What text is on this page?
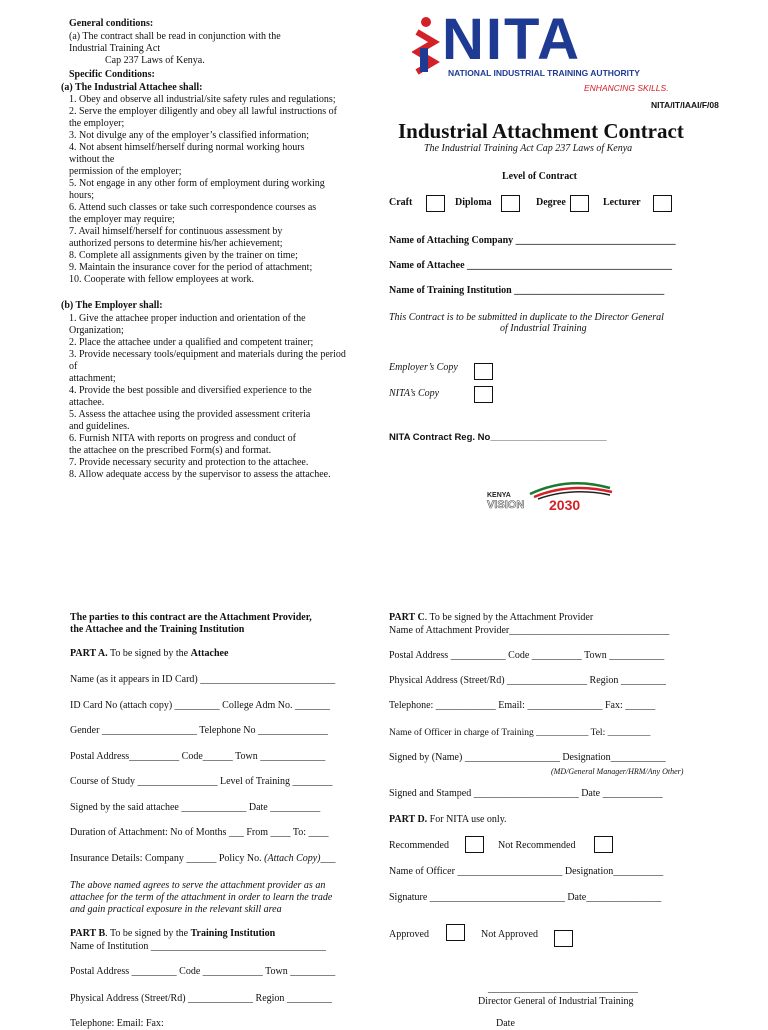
General conditions:
(a) The contract shall be read in conjunction with the
Industrial Training Act
Cap 237 Laws of Kenya.
Specific Conditions:
(a) The Industrial Attachee shall:
1. Obey and observe all industrial/site safety rules and regulations;
2. Serve the employer diligently and obey all lawful instructions of
the employer;
3. Not divulge any of the employer’s classified information;
4. Not absent himself/herself during normal working hours
without the
permission of the employer;
5. Not engage in any other form of employment during working
hours;
6. Attend such classes or take such correspondence courses as
the employer may require;
7. Avail himself/herself for continuous assessment by
authorized persons to determine his/her achievement;
8. Complete all assignments given by the trainer on time;
9. Maintain the insurance cover for the period of attachment;
10. Cooperate with fellow employees at work.
(b) The Employer shall:
1. Give the attachee proper induction and orientation of the
Organization;
2. Place the attachee under a qualified and competent trainer;
3. Provide necessary tools/equipment and materials during the period
of
attachment;
4. Provide the best possible and diversified experience to the
attachee.
5. Assess the attachee using the provided assessment criteria
and guidelines.
6. Furnish NITA with reports on progress and conduct of
the attachee on the prescribed Form(s) and format.
7. Provide necessary security and protection to the attachee.
8. Allow adequate access by the supervisor to assess the attachee.
NITA
NATIONAL INDUSTRIAL TRAINING AUTHORITY
ENHANCING SKILLS.
NITA/IT/IAAI/F/08
Industrial Attachment Contract
The Industrial Training Act Cap 237 Laws of Kenya
Level of Contract
Craft	Diploma	Degree	Lecturer
Name of Attaching Company ________________________________
Name of Attachee _________________________________________
Name of Training Institution ______________________________
This Contract is to be submitted in duplicate to the Director General
of Industrial Training
Employer’s Copy
NITA’s Copy
NITA Contract Reg. No______________________
KENYA
VISION 2030
The parties to this contract are the Attachment Provider,
the Attachee and the Training Institution
PART A. To be signed by the Attachee
Name (as it appears in ID Card) ___________________________
ID Card No (attach copy) _________ College Adm No. _______
Gender ___________________ Telephone No ______________
Postal Address__________ Code______ Town _____________
Course of Study ________________ Level of Training ________
Signed by the said attachee _____________ Date __________
Duration of Attachment: No of Months ___ From ____ To: ____
Insurance Details: Company ______ Policy No. (Attach Copy)___
The above named agrees to serve the attachment provider as an
attachee for the term of the attachment in order to learn the trade
and gain practical exposure in the relevant skill area
PART B. To be signed by the Training Institution
Name of Institution ___________________________________
Postal Address _________ Code ____________ Town _________
Physical Address (Street/Rd) _____________ Region _________
Telephone: Email: Fax:
PART C. To be signed by the Attachment Provider
Name of Attachment Provider________________________________
Postal Address ___________ Code __________ Town ___________
Physical Address (Street/Rd) ________________ Region _________
Telephone: ____________ Email: _______________ Fax: ______
Name of Officer in charge of Training ___________ Tel: _________
Signed by (Name) ___________________ Designation___________
(MD/General Manager/HRM/Any Other)
Signed and Stamped _____________________ Date ____________
PART D. For NITA use only.
Recommended	Not Recommended
Name of Officer _____________________ Designation__________
Signature ___________________________ Date_______________
Approved	Not Approved
______________________________
Director General of Industrial Training
Date
